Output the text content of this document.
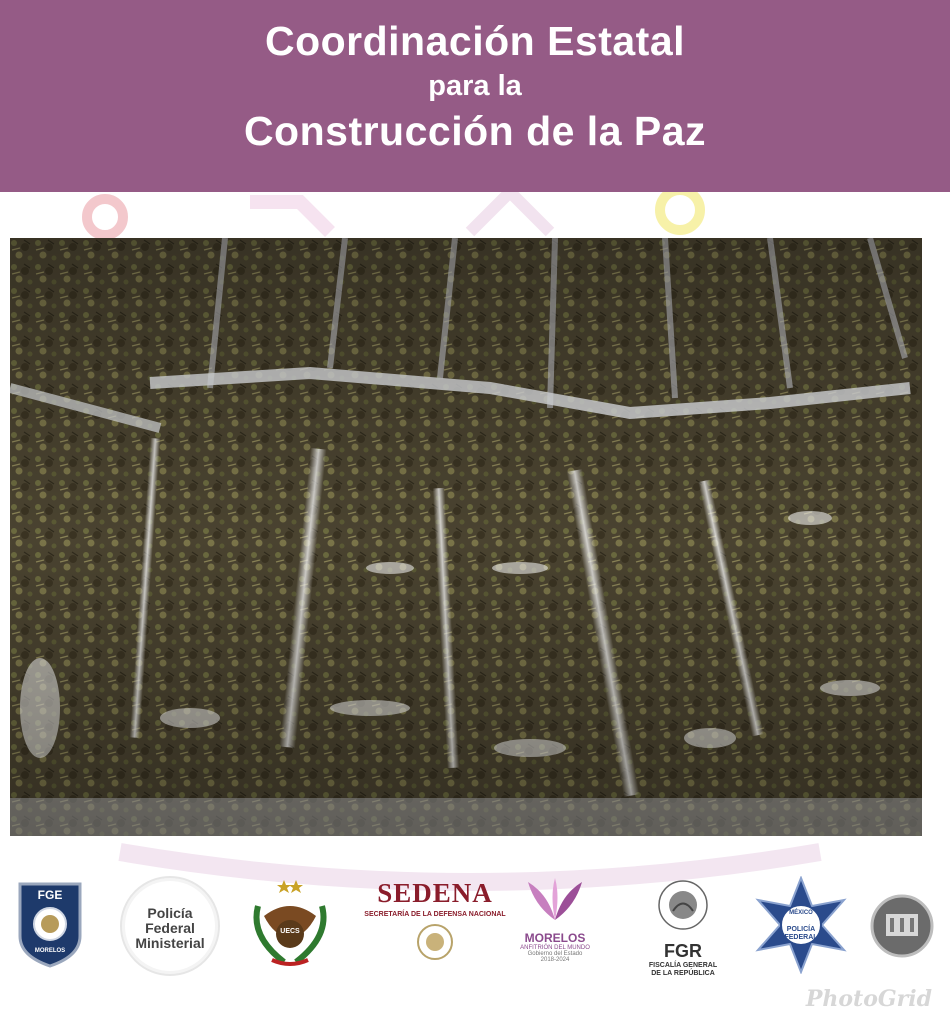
Coordinación Estatal
para la
Construcción de la Paz
FGE
MORELOS
Policía
Federal
Ministerial
UECS
SEDENA
SECRETARÍA DE LA DEFENSA NACIONAL
MORELOS
ANFITRIÓN DEL MUNDO
Gobierno del Estado
2018-2024	FGR
FISCALÍA GENERAL
DE LA REPÚBLICA
MÉXICO
POLICÍA
FEDERAL
PhotoGrid
